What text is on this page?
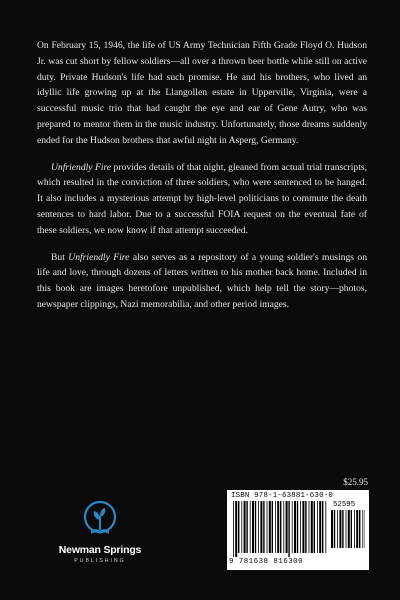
On February 15, 1946, the life of US Army Technician Fifth Grade Floyd O. Hudson Jr. was cut short by fellow soldiers—all over a thrown beer bottle while still on active duty. Private Hudson's life had such promise. He and his brothers, who lived an idyllic life growing up at the Llangollen estate in Upperville, Virginia, were a successful music trio that had caught the eye and ear of Gene Autry, who was prepared to mentor them in the music industry. Unfortunately, those dreams suddenly ended for the Hudson brothers that awful night in Asperg, Germany.

Unfriendly Fire provides details of that night, gleaned from actual trial transcripts, which resulted in the conviction of three soldiers, who were sentenced to be hanged. It also includes a mysterious attempt by high-level politicians to commute the death sentences to hard labor. Due to a successful FOIA request on the eventual fate of these soldiers, we now know if that attempt succeeded.

But Unfriendly Fire also serves as a repository of a young soldier's musings on life and love, through dozens of letters written to his mother back home. Included in this book are images heretofore unpublished, which help tell the story—photos, newspaper clippings, Nazi memorabilia, and other period images.

$25.95
ISBN 978-1-63881-630-0
52595
9 781638 816300
Newman Springs
PUBLISHING
